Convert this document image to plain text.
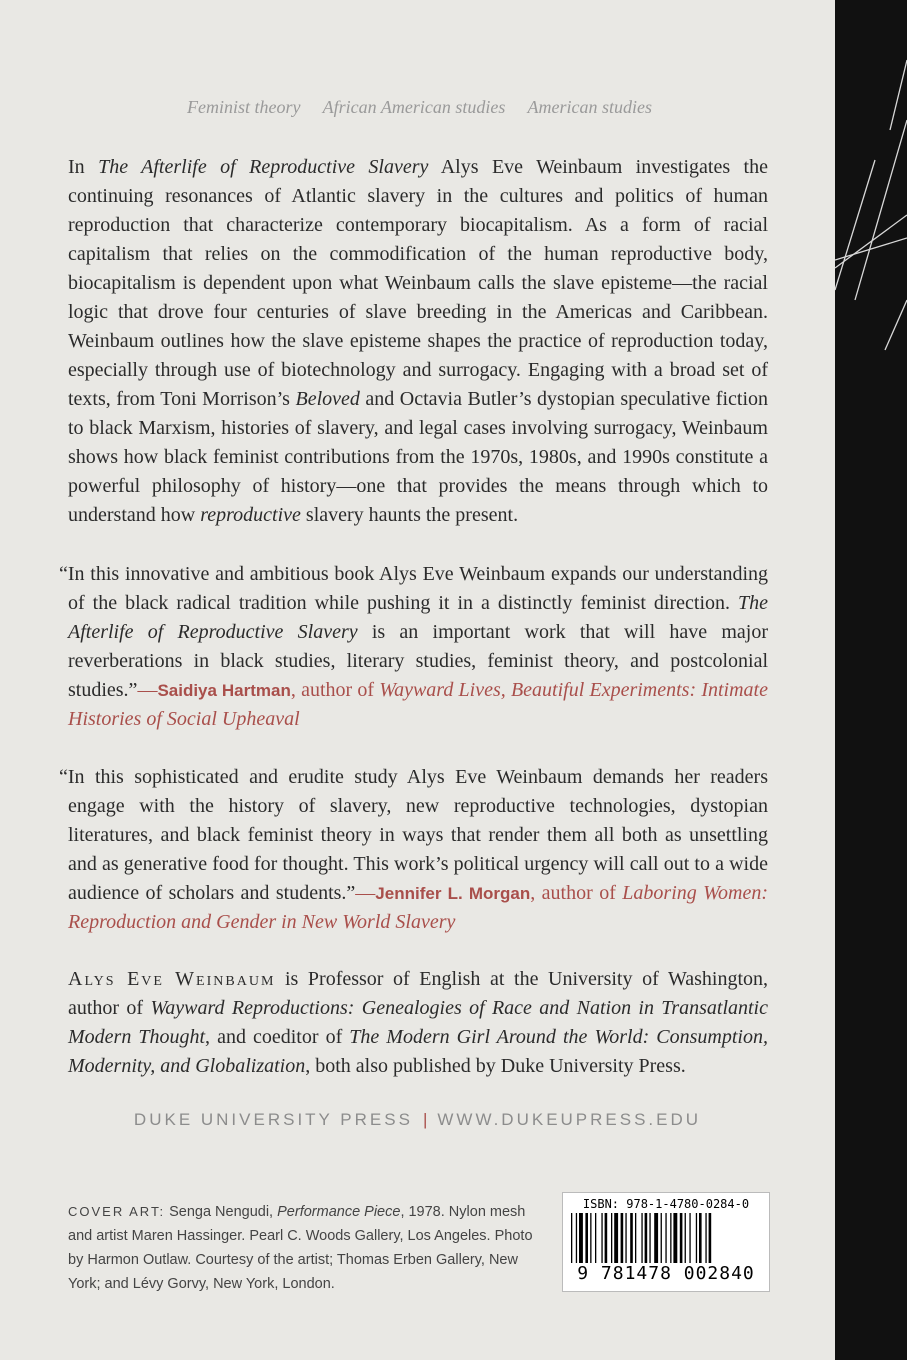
Feminist theory African American studies American studies

In The Afterlife of Reproductive Slavery Alys Eve Weinbaum investigates the continuing resonances of Atlantic slavery in the cultures and politics of human reproduction that characterize contemporary biocapitalism. As a form of racial capitalism that relies on the commodification of the human reproductive body, biocapitalism is dependent upon what Weinbaum calls the slave episteme—the racial logic that drove four centuries of slave breeding in the Americas and Caribbean. Weinbaum outlines how the slave episteme shapes the practice of reproduction today, especially through use of biotechnology and surrogacy. Engaging with a broad set of texts, from Toni Morrison’s Beloved and Octavia Butler’s dystopian speculative fiction to black Marxism, histories of slavery, and legal cases involving surrogacy, Weinbaum shows how black feminist contributions from the 1970s, 1980s, and 1990s constitute a powerful philosophy of history—one that provides the means through which to understand how reproductive slavery haunts the present.

“In this innovative and ambitious book Alys Eve Weinbaum expands our understanding of the black radical tradition while pushing it in a distinctly feminist direction. The Afterlife of Reproductive Slavery is an important work that will have major reverberations in black studies, literary studies, feminist theory, and postcolonial studies.”—Saidiya Hartman, author of Wayward Lives, Beautiful Experiments: Intimate Histories of Social Upheaval

“In this sophisticated and erudite study Alys Eve Weinbaum demands her readers engage with the history of slavery, new reproductive technologies, dystopian literatures, and black feminist theory in ways that render them all both as unsettling and as generative food for thought. This work’s political urgency will call out to a wide audience of scholars and students.”—Jennifer L. Morgan, author of Laboring Women: Reproduction and Gender in New World Slavery

Alys Eve Weinbaum is Professor of English at the University of Washington, author of Wayward Reproductions: Genealogies of Race and Nation in Transatlantic Modern Thought, and coeditor of The Modern Girl Around the World: Consumption, Modernity, and Globalization, both also published by Duke University Press.

DUKE UNIVERSITY PRESS | WWW.DUKEUPRESS.EDU
COVER ART: Senga Nengudi, Performance Piece, 1978. Nylon mesh and artist Maren Hassinger. Pearl C. Woods Gallery, Los Angeles. Photo by Harmon Outlaw. Courtesy of the artist; Thomas Erben Gallery, New York; and Lévy Gorvy, New York, London.
ISBN: 978-1-4780-0284-0
9 781478 002840
